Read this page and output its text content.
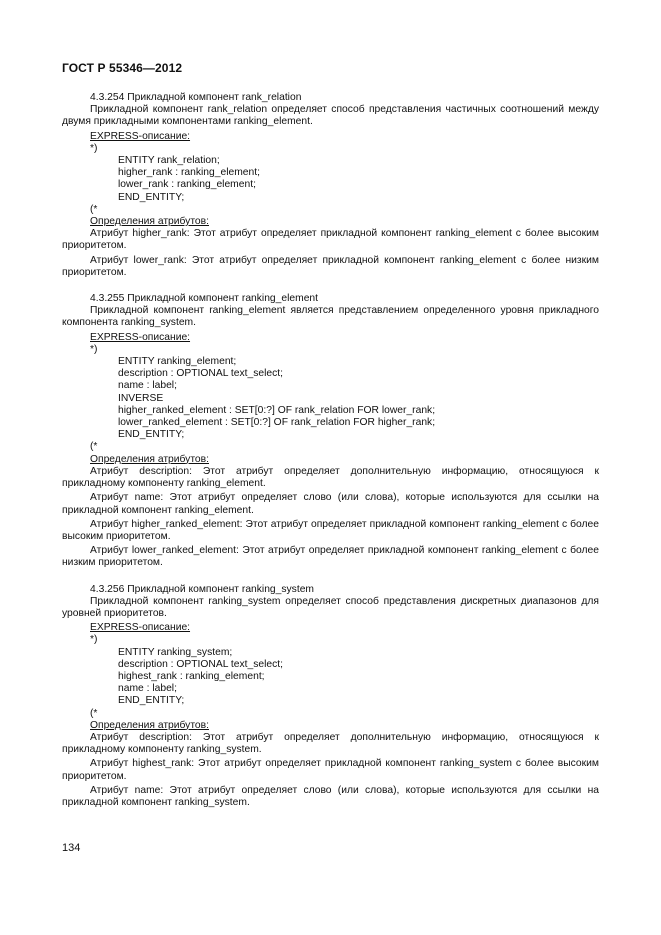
ГОСТ Р 55346—2012
4.3.254 Прикладной компонент rank_relation
Прикладной компонент rank_relation определяет способ представления частичных соотношений между двумя прикладными компонентами ranking_element.
EXPRESS-описание:
*)
ENTITY rank_relation;
higher_rank : ranking_element;
lower_rank : ranking_element;
END_ENTITY;
(*
Определения атрибутов:
Атрибут higher_rank: Этот атрибут определяет прикладной компонент ranking_element с более высоким приоритетом.
Атрибут lower_rank: Этот атрибут определяет прикладной компонент ranking_element с более низким приоритетом.
4.3.255 Прикладной компонент ranking_element
Прикладной компонент ranking_element является представлением определенного уровня прикладного компонента ranking_system.
EXPRESS-описание:
*)
ENTITY ranking_element;
description : OPTIONAL text_select;
name : label;
INVERSE
higher_ranked_element : SET[0:?] OF rank_relation FOR lower_rank;
lower_ranked_element : SET[0:?] OF rank_relation FOR higher_rank;
END_ENTITY;
(*
Определения атрибутов:
Атрибут description: Этот атрибут определяет дополнительную информацию, относящуюся к прикладному компоненту ranking_element.
Атрибут name: Этот атрибут определяет слово (или слова), которые используются для ссылки на прикладной компонент ranking_element.
Атрибут higher_ranked_element: Этот атрибут определяет прикладной компонент ranking_element с более высоким приоритетом.
Атрибут lower_ranked_element: Этот атрибут определяет прикладной компонент ranking_element с более низким приоритетом.
4.3.256 Прикладной компонент ranking_system
Прикладной компонент ranking_system определяет способ представления дискретных диапазонов для уровней приоритетов.
EXPRESS-описание:
*)
ENTITY ranking_system;
description : OPTIONAL text_select;
highest_rank : ranking_element;
name : label;
END_ENTITY;
(*
Определения атрибутов:
Атрибут description: Этот атрибут определяет дополнительную информацию, относящуюся к прикладному компоненту ranking_system.
Атрибут highest_rank: Этот атрибут определяет прикладной компонент ranking_system с более высоким приоритетом.
Атрибут name: Этот атрибут определяет слово (или слова), которые используются для ссылки на прикладной компонент ranking_system.
134
